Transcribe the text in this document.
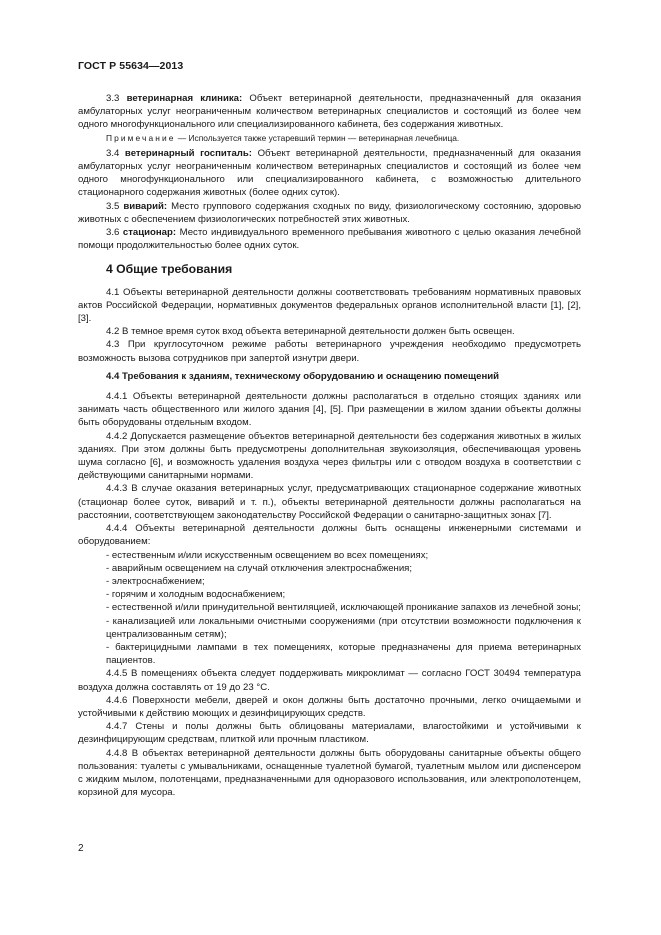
ГОСТ Р 55634—2013

3.3 ветеринарная клиника: Объект ветеринарной деятельности, предназначенный для оказания амбулаторных услуг неограниченным количеством ветеринарных специалистов и состоящий из более чем одного многофункционального или специализированного кабинета, без содержания животных.

Примечание — Используется также устаревший термин — ветеринарная лечебница.

3.4 ветеринарный госпиталь: Объект ветеринарной деятельности, предназначенный для оказания амбулаторных услуг неограниченным количеством ветеринарных специалистов и состоящий из более чем одного многофункционального или специализированного кабинета, с возможностью длительного стационарного содержания животных (более одних суток).

3.5 виварий: Место группового содержания сходных по виду, физиологическому состоянию, здоровью животных с обеспечением физиологических потребностей этих животных.

3.6 стационар: Место индивидуального временного пребывания животного с целью оказания лечебной помощи продолжительностью более одних суток.

4 Общие требования

4.1 Объекты ветеринарной деятельности должны соответствовать требованиям нормативных правовых актов Российской Федерации, нормативных документов федеральных органов исполнительной власти [1], [2], [3].

4.2 В темное время суток вход объекта ветеринарной деятельности должен быть освещен.

4.3 При круглосуточном режиме работы ветеринарного учреждения необходимо предусмотреть возможность вызова сотрудников при запертой изнутри двери.

4.4 Требования к зданиям, техническому оборудованию и оснащению помещений

4.4.1 Объекты ветеринарной деятельности должны располагаться в отдельно стоящих зданиях или занимать часть общественного или жилого здания [4], [5]. При размещении в жилом здании объекты должны быть оборудованы отдельным входом.

4.4.2 Допускается размещение объектов ветеринарной деятельности без содержания животных в жилых зданиях. При этом должны быть предусмотрены дополнительная звукоизоляция, обеспечивающая уровень шума согласно [6], и возможность удаления воздуха через фильтры или с отводом воздуха в соответствии с действующими санитарными нормами.

4.4.3 В случае оказания ветеринарных услуг, предусматривающих стационарное содержание животных (стационар более суток, виварий и т. п.), объекты ветеринарной деятельности должны располагаться на расстоянии, соответствующем законодательству Российской Федерации о санитарно-защитных зонах [7].

4.4.4 Объекты ветеринарной деятельности должны быть оснащены инженерными системами и оборудованием:

- естественным и/или искусственным освещением во всех помещениях;

- аварийным освещением на случай отключения электроснабжения;

- электроснабжением;

- горячим и холодным водоснабжением;

- естественной и/или принудительной вентиляцией, исключающей проникание запахов из лечебной зоны;

- канализацией или локальными очистными сооружениями (при отсутствии возможности подключения к централизованным сетям);

- бактерицидными лампами в тех помещениях, которые предназначены для приема ветеринарных пациентов.

4.4.5 В помещениях объекта следует поддерживать микроклимат — согласно ГОСТ 30494 температура воздуха должна составлять от 19 до 23 °С.

4.4.6 Поверхности мебели, дверей и окон должны быть достаточно прочными, легко очищаемыми и устойчивыми к действию моющих и дезинфицирующих средств.

4.4.7 Стены и полы должны быть облицованы материалами, влагостойкими и устойчивыми к дезинфицирующим средствам, плиткой или прочным пластиком.

4.4.8 В объектах ветеринарной деятельности должны быть оборудованы санитарные объекты общего пользования: туалеты с умывальниками, оснащенные туалетной бумагой, туалетным мылом или диспенсером с жидким мылом, полотенцами, предназначенными для одноразового использования, или электрополотенцем, корзиной для мусора.

2
